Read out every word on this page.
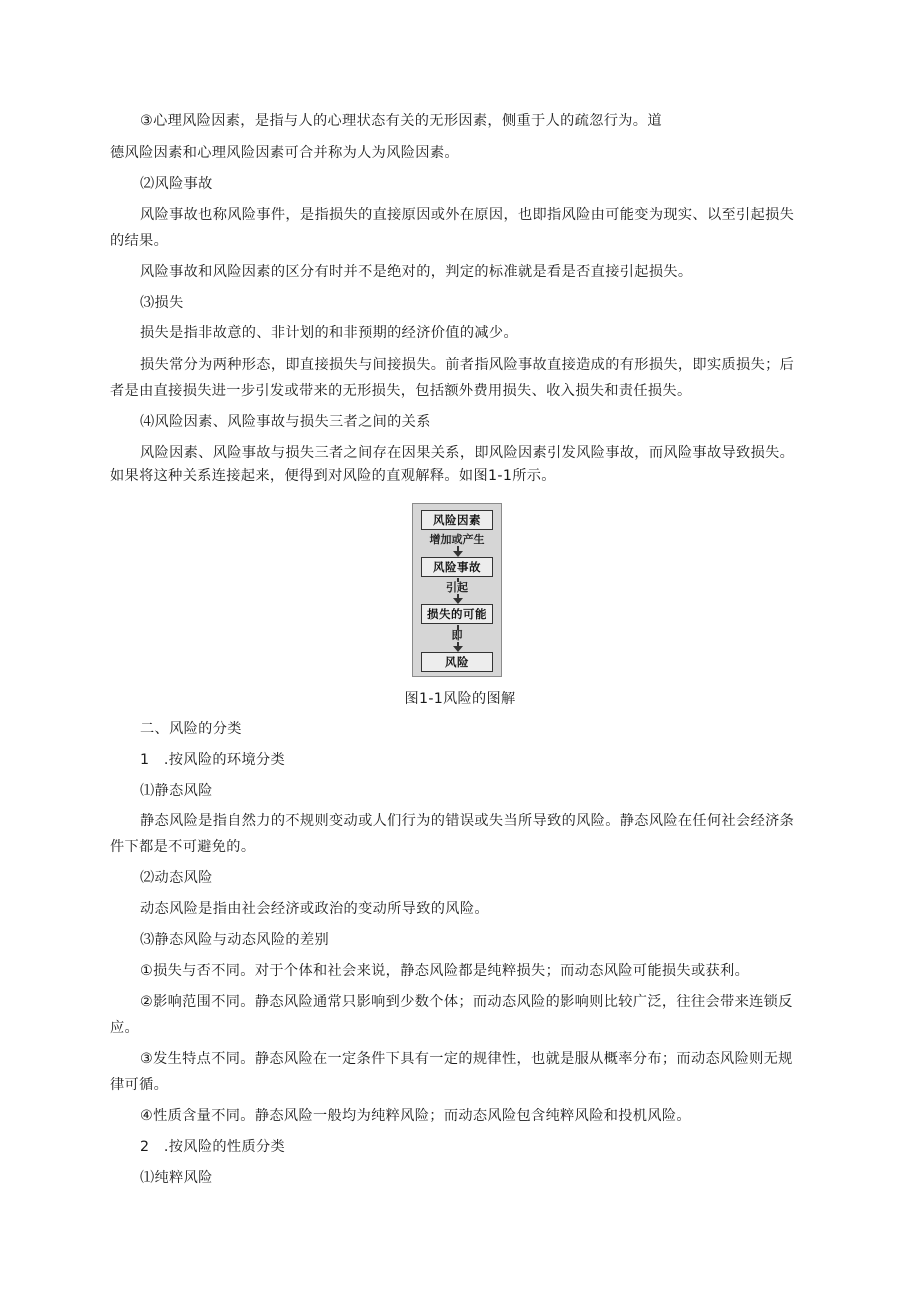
③心理风险因素，是指与人的心理状态有关的无形因素，侧重于人的疏忽行为。道
德风险因素和心理风险因素可合并称为人为风险因素。
⑵风险事故
风险事故也称风险事件，是指损失的直接原因或外在原因，也即指风险由可能变为现实、以至引起损失
的结果。
风险事故和风险因素的区分有时并不是绝对的，判定的标准就是看是否直接引起损失。
⑶损失
损失是指非故意的、非计划的和非预期的经济价值的减少。
损失常分为两种形态，即直接损失与间接损失。前者指风险事故直接造成的有形损失，即实质损失；后
者是由直接损失进一步引发或带来的无形损失，包括额外费用损失、收入损失和责任损失。
⑷风险因素、风险事故与损失三者之间的关系
风险因素、风险事故与损失三者之间存在因果关系，即风险因素引发风险事故，而风险事故导致损失。
如果将这种关系连接起来，便得到对风险的直观解释。如图1-1所示。
风险因素
增加或产生
风险事故
引起
损失的可能
即
风险
图1-1风险的图解
二、风险的分类
1　.按风险的环境分类
⑴静态风险
静态风险是指自然力的不规则变动或人们行为的错误或失当所导致的风险。静态风险在任何社会经济条
件下都是不可避免的。
⑵动态风险
动态风险是指由社会经济或政治的变动所导致的风险。
⑶静态风险与动态风险的差别
①损失与否不同。对于个体和社会来说，静态风险都是纯粹损失；而动态风险可能损失或获利。
②影响范围不同。静态风险通常只影响到少数个体；而动态风险的影响则比较广泛，往往会带来连锁反
应。
③发生特点不同。静态风险在一定条件下具有一定的规律性，也就是服从概率分布；而动态风险则无规
律可循。
④性质含量不同。静态风险一般均为纯粹风险；而动态风险包含纯粹风险和投机风险。
2　.按风险的性质分类
⑴纯粹风险
